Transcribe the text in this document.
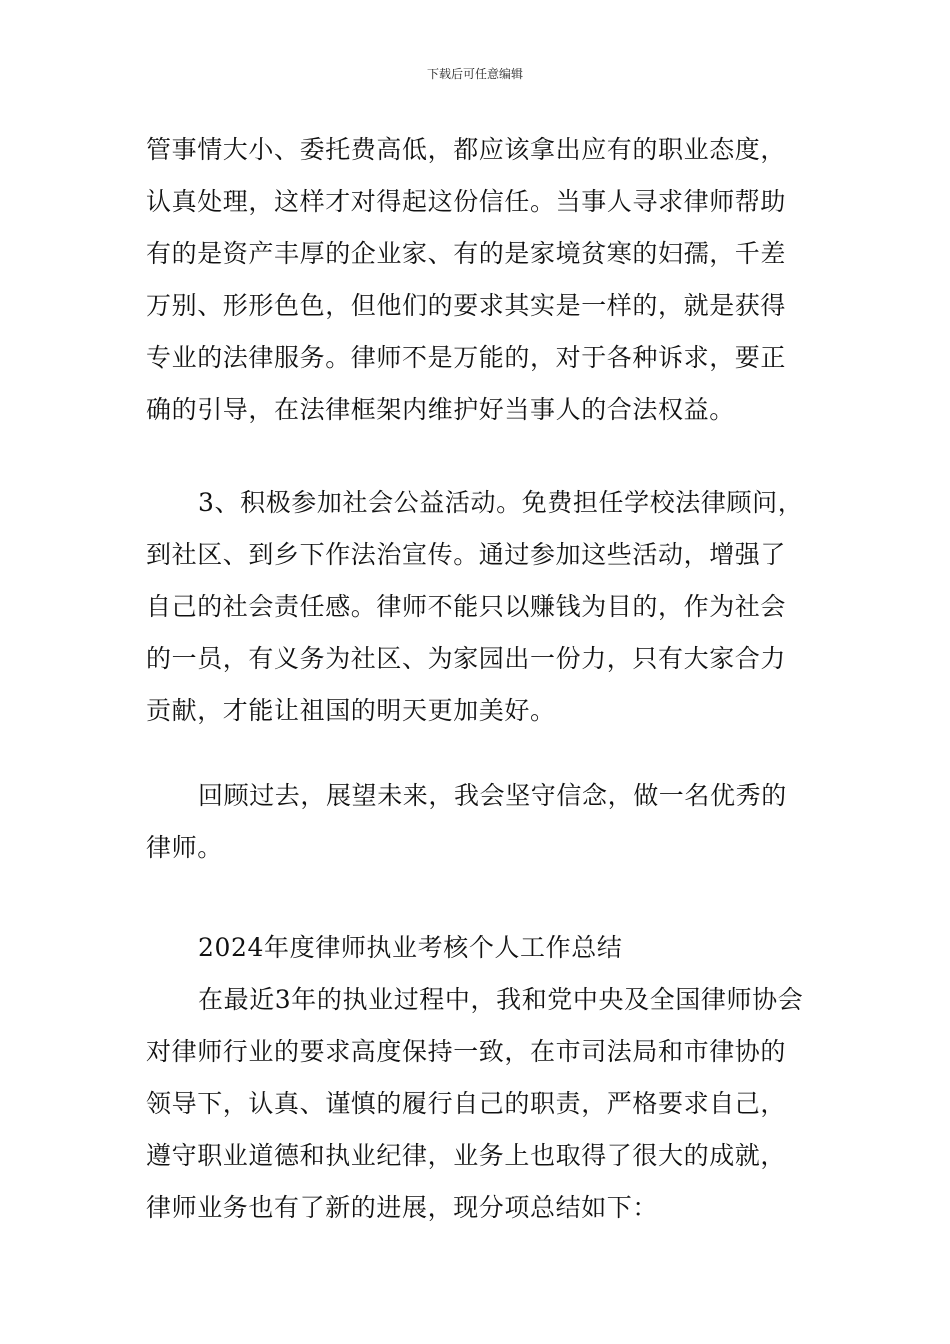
下载后可任意编辑
管事情大小、委托费高低，都应该拿出应有的职业态度，
认真处理，这样才对得起这份信任。当事人寻求律师帮助
有的是资产丰厚的企业家、有的是家境贫寒的妇孺，千差
万别、形形色色，但他们的要求其实是一样的，就是获得
专业的法律服务。律师不是万能的，对于各种诉求，要正
确的引导，在法律框架内维护好当事人的合法权益。
3、积极参加社会公益活动。免费担任学校法律顾问，
到社区、到乡下作法治宣传。通过参加这些活动，增强了
自己的社会责任感。律师不能只以赚钱为目的，作为社会
的一员，有义务为社区、为家园出一份力，只有大家合力
贡献，才能让祖国的明天更加美好。
回顾过去，展望未来，我会坚守信念，做一名优秀的
律师。
2024年度律师执业考核个人工作总结
在最近3年的执业过程中，我和党中央及全国律师协会
对律师行业的要求高度保持一致，在市司法局和市律协的
领导下，认真、谨慎的履行自己的职责，严格要求自己，
遵守职业道德和执业纪律，业务上也取得了很大的成就，
律师业务也有了新的进展，现分项总结如下：
